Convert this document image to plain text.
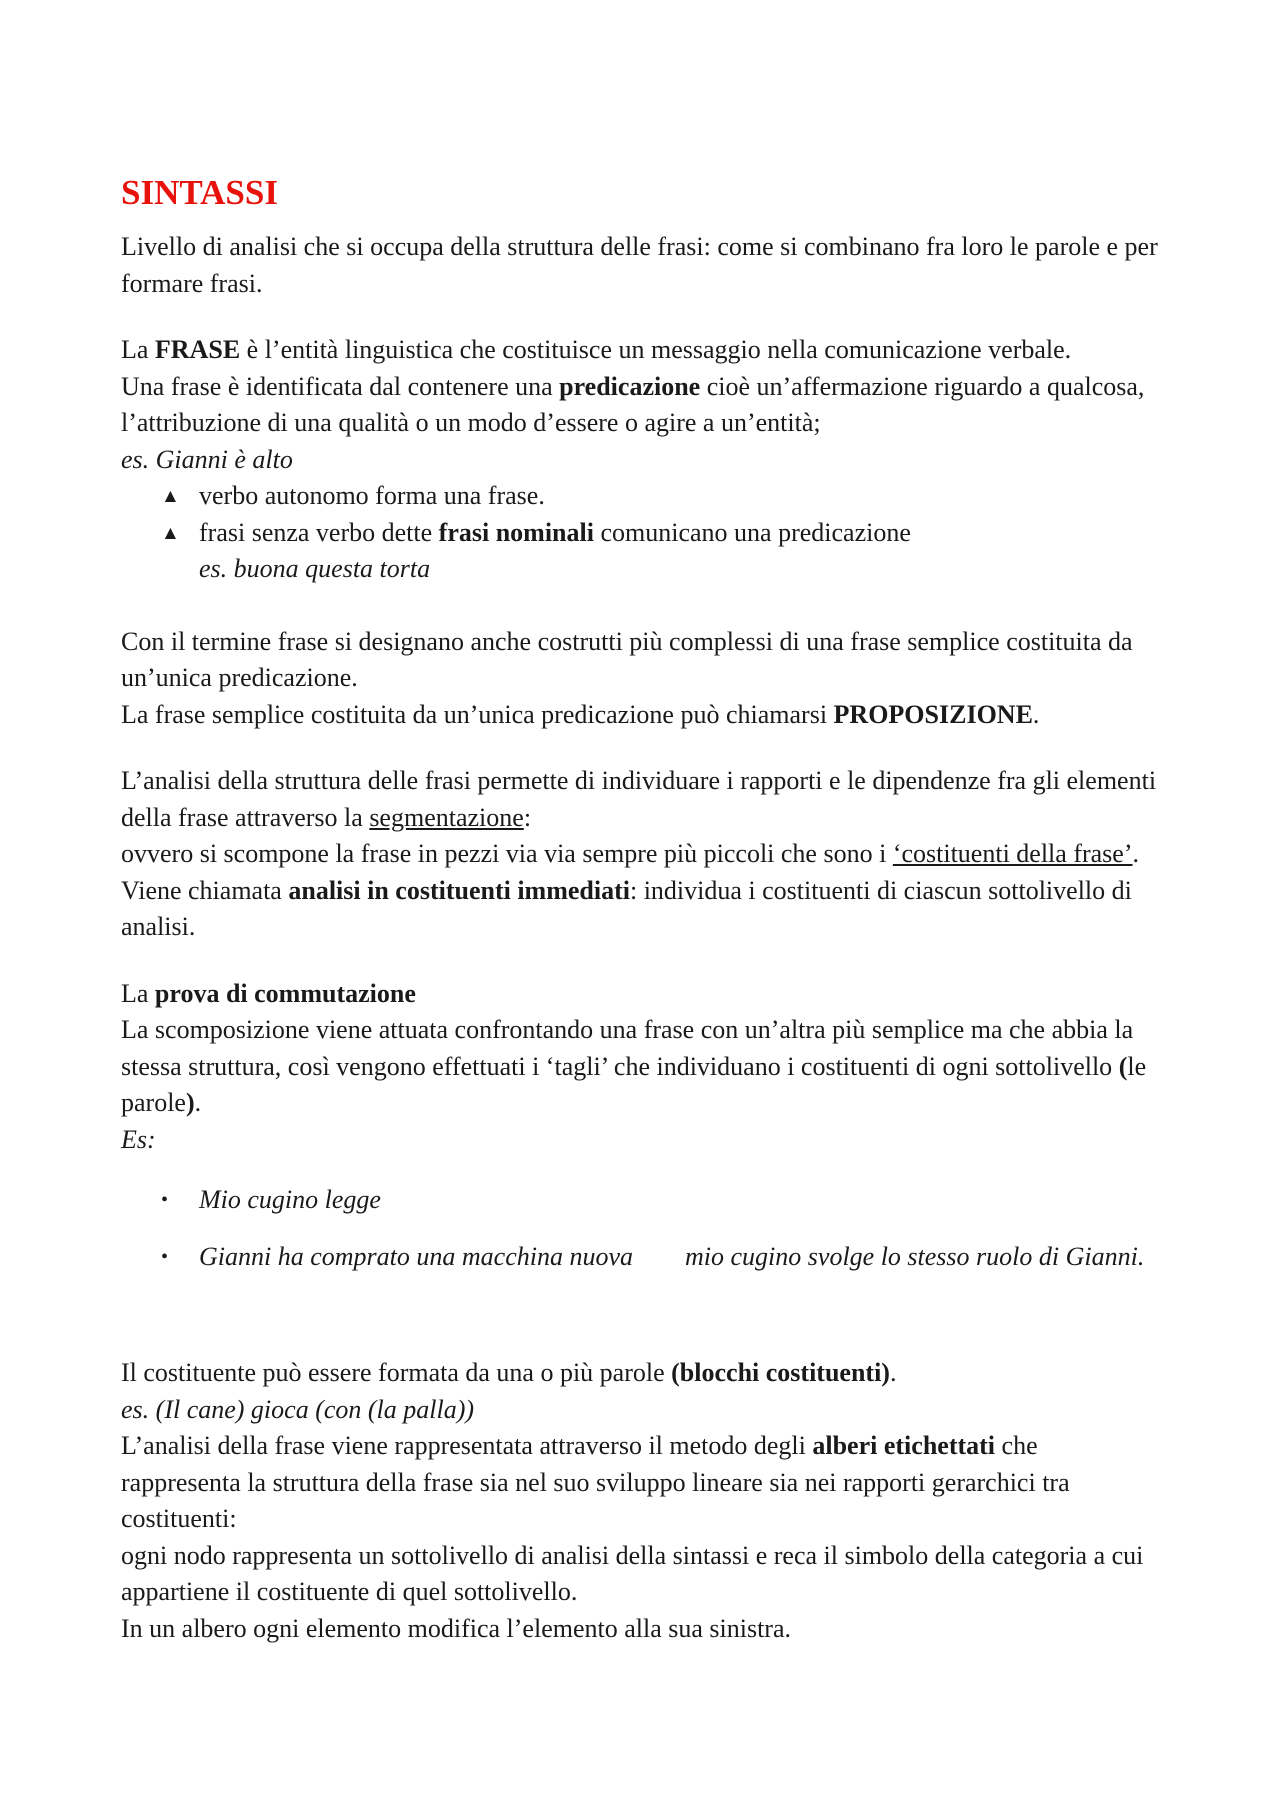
SINTASSI

Livello di analisi che si occupa della struttura delle frasi: come si combinano fra loro le parole e per formare frasi.

La FRASE è l’entità linguistica che costituisce un messaggio nella comunicazione verbale.
Una frase è identificata dal contenere una predicazione cioè un’affermazione riguardo a qualcosa, l’attribuzione di una qualità o un modo d’essere o agire a un’entità;

es. Gianni è alto

▲ verbo autonomo forma una frase.
▲ frasi senza verbo dette frasi nominali comunicano una predicazione
es. buona questa torta

Con il termine frase si designano anche costrutti più complessi di una frase semplice costituita da un’unica predicazione.
La frase semplice costituita da un’unica predicazione può chiamarsi PROPOSIZIONE.

L’analisi della struttura delle frasi permette di individuare i rapporti e le dipendenze fra gli elementi della frase attraverso la segmentazione:
ovvero si scompone la frase in pezzi via via sempre più piccoli che sono i ‘costituenti della frase’.
Viene chiamata analisi in costituenti immediati: individua i costituenti di ciascun sottolivello di analisi.

La prova di commutazione

La scomposizione viene attuata confrontando una frase con un’altra più semplice ma che abbia la stessa struttura, così vengono effettuati i ‘tagli’ che individuano i costituenti di ogni sottolivello (le parole).

Es:

• Mio cugino legge
• Gianni ha comprato una macchina nuova mio cugino svolge lo stesso ruolo di Gianni.

Il costituente può essere formata da una o più parole (blocchi costituenti).
es. (Il cane) gioca (con (la palla))
L’analisi della frase viene rappresentata attraverso il metodo degli alberi etichettati che rappresenta la struttura della frase sia nel suo sviluppo lineare sia nei rapporti gerarchici tra costituenti:
ogni nodo rappresenta un sottolivello di analisi della sintassi e reca il simbolo della categoria a cui appartiene il costituente di quel sottolivello.
In un albero ogni elemento modifica l’elemento alla sua sinistra.
